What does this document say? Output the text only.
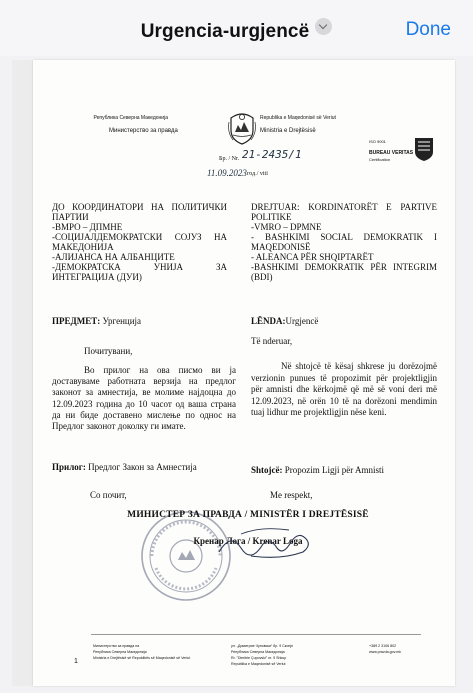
Urgencia-urgjencë	Done
Република Северна Македонија
Министерство за правда
Republika e Maqedonisë së Veriut
Ministria e Drejtësisë
ISO 9001
BUREAU VERITAS
Certification
Бр. / Nr. 21-2435/1
11.09.2023 год./ viti
ДО КООРДИНАТОРИ НА ПОЛИТИЧКИ ПАРТИИ
-ВМРО – ДПМНЕ
-СОЦИЈАЛДЕМОКРАТСКИ СОЈУЗ НА МАКЕДОНИЈА
-АЛИЈАНСА НА АЛБАНЦИТЕ
-ДЕМОКРАТСКА УНИЈА ЗА ИНТЕГРАЦИЈА (ДУИ)
DREJTUAR: KORDINATORËT E PARTIVE POLITIKE
-VMRO – DPMNE
- BASHKIMI SOCIAL DEMOKRATIK I MAQEDONISË
- ALEANCA PËR SHQIPTARËT
-BASHKIMI DEMOKRATIK PËR INTEGRIM (BDI)
ПРЕДМЕТ: Ургенција	LËNDA:Urgjencë
Почитувани,
Të nderuar,

Во прилог на ова писмо ви ја доставуваме работната верзија на предлог законот за амнестија, ве молиме најдоцна до 12.09.2023 година до 10 часот од ваша страна да ни биде доставено мислење по однос на Предлог законот доколку ги имате.

Në shtojcë të kësaj shkrese ju dorëzojmë verzionin punues të propozimit për projektligjin për amnisti dhe kërkojmë që më së voni deri më 12.09.2023, në orën 10 të na dorëzoni mendimin tuaj lidhur me projektligjin nëse keni.

Прилог: Предлог Закон за Амнестија	Shtojcë: Propozim Ligji për Amnisti
Со почит,	Me respekt,
МИНИСТЕР ЗА ПРАВДА / MINISTËR I DREJTËSISË
Кренар Лога / Krenar Loga
1
Министерство за правда на
Република Северна Македонија
Ministria e Drejtësisë së Republikës së Maqedonisë së Veriut
ул. „Димитрие Чуповски“ бр. 9 Скопје
Република Северна Македонија
Rr. "Dimitrie Çupovski" nr. 9 Shkup
Republika e Maqedonisë së Veriut
+389 2 3106 802
www.pravda.gov.mk
